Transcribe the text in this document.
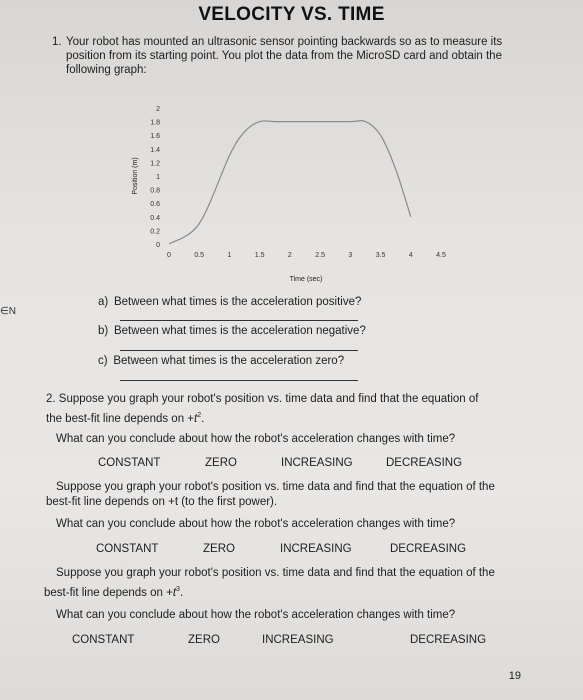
VELOCITY VS. TIME
1. Your robot has mounted an ultrasonic sensor pointing backwards so as to measure its position from its starting point. You plot the data from the MicroSD card and obtain the following graph:
2
1.8
1.6
1.4
1.2
1
0.8
0.6
0.4
0.2
0
0	0.5	1	1.5	2	2.5	3	3.5	4	4.5
Time (sec)
Position (m)
a) Between what times is the acceleration positive?
b) Between what times is the acceleration negative?
c) Between what times is the acceleration zero?
∈N
2. Suppose you graph your robot's position vs. time data and find that the equation of
the best-fit line depends on $+t^2$.
What can you conclude about how the robot's acceleration changes with time?
CONSTANT	ZERO	INCREASING	DECREASING
Suppose you graph your robot's position vs. time data and find that the equation of the
best-fit line depends on +t (to the first power).
What can you conclude about how the robot's acceleration changes with time?
CONSTANT	ZERO	INCREASING	DECREASING
Suppose you graph your robot's position vs. time data and find that the equation of the
best-fit line depends on $+t^3$.
What can you conclude about how the robot's acceleration changes with time?
CONSTANT	ZERO	INCREASING	DECREASING
19
